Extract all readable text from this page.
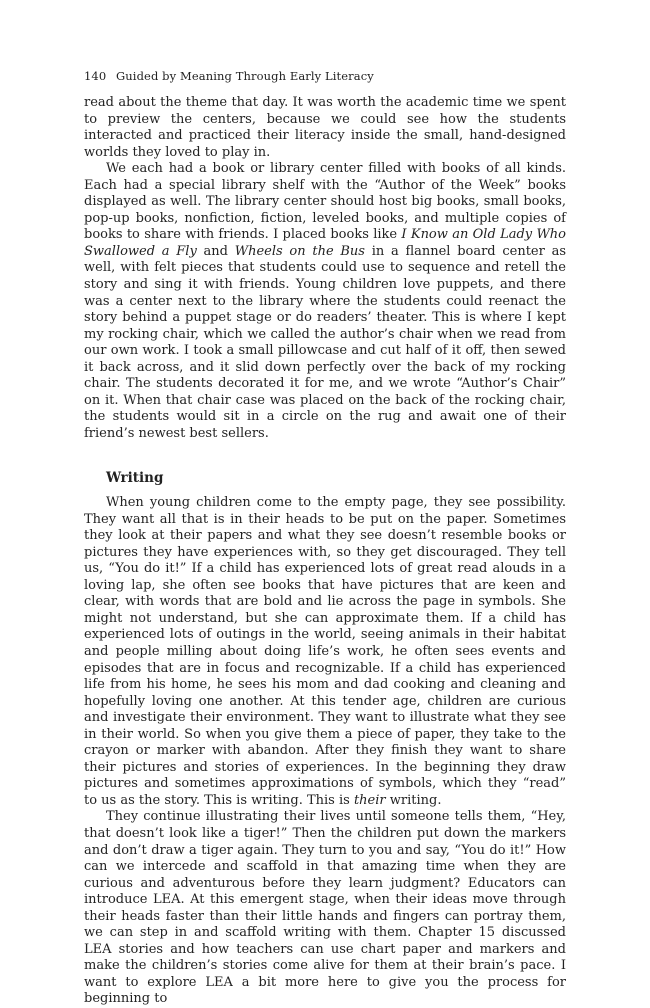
140 Guided by Meaning Through Early Literacy

read about the theme that day. It was worth the academic time we spent to preview the centers, because we could see how the students interacted and practiced their literacy inside the small, hand-designed worlds they loved to play in.

We each had a book or library center filled with books of all kinds. Each had a special library shelf with the “Author of the Week” books displayed as well. The library center should host big books, small books, pop-up books, nonfiction, fiction, leveled books, and multiple copies of books to share with friends. I placed books like I Know an Old Lady Who Swallowed a Fly and Wheels on the Bus in a flannel board center as well, with felt pieces that students could use to sequence and retell the story and sing it with friends. Young children love puppets, and there was a center next to the library where the students could reenact the story behind a puppet stage or do readers’ theater. This is where I kept my rocking chair, which we called the author’s chair when we read from our own work. I took a small pillowcase and cut half of it off, then sewed it back across, and it slid down perfectly over the back of my rocking chair. The students decorated it for me, and we wrote “Author’s Chair” on it. When that chair case was placed on the back of the rocking chair, the students would sit in a circle on the rug and await one of their friend’s newest best sellers.

Writing

When young children come to the empty page, they see possibility. They want all that is in their heads to be put on the paper. Sometimes they look at their papers and what they see doesn’t resemble books or pictures they have experiences with, so they get discouraged. They tell us, “You do it!” If a child has experienced lots of great read alouds in a loving lap, she often see books that have pictures that are keen and clear, with words that are bold and lie across the page in symbols. She might not understand, but she can approximate them. If a child has experienced lots of outings in the world, seeing animals in their habitat and people milling about doing life’s work, he often sees events and episodes that are in focus and recognizable. If a child has experienced life from his home, he sees his mom and dad cooking and cleaning and hopefully loving one another. At this tender age, children are curious and investigate their environment. They want to illustrate what they see in their world. So when you give them a piece of paper, they take to the crayon or marker with abandon. After they finish they want to share their pictures and stories of experiences. In the beginning they draw pictures and sometimes approximations of symbols, which they “read” to us as the story. This is writing. This is their writing.

They continue illustrating their lives until someone tells them, “Hey, that doesn’t look like a tiger!” Then the children put down the markers and don’t draw a tiger again. They turn to you and say, “You do it!” How can we intercede and scaffold in that amazing time when they are curious and adventurous before they learn judgment? Educators can introduce LEA. At this emergent stage, when their ideas move through their heads faster than their little hands and fingers can portray them, we can step in and scaffold writing with them. Chapter 15 discussed LEA stories and how teachers can use chart paper and markers and make the children’s stories come alive for them at their brain’s pace. I want to explore LEA a bit more here to give you the process for beginning to
